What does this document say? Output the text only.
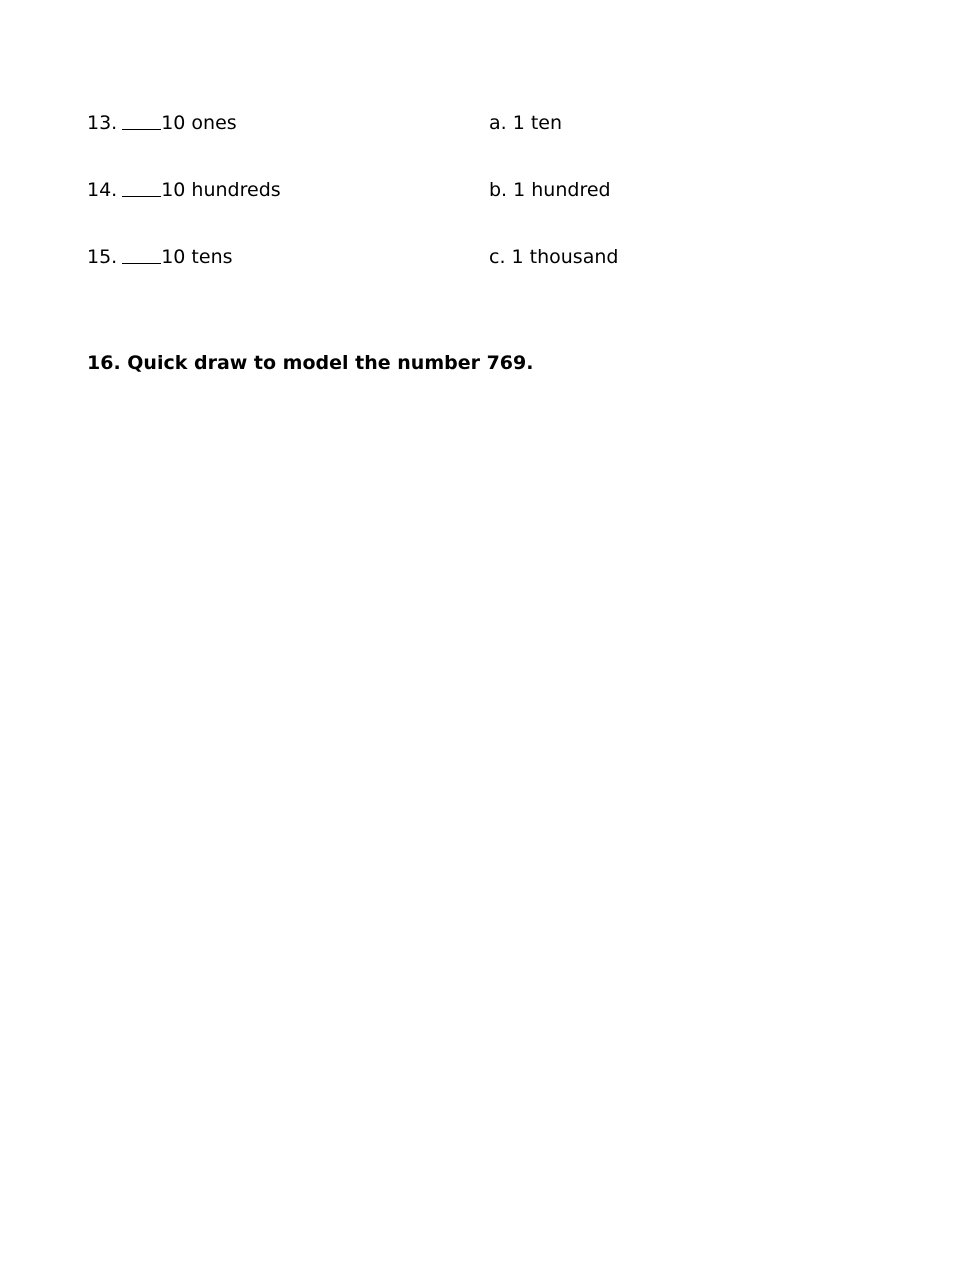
13. 10 ones	a. 1 ten
14. 10 hundreds	b. 1 hundred
15. 10 tens	c. 1 thousand
16. Quick draw to model the number 769.
